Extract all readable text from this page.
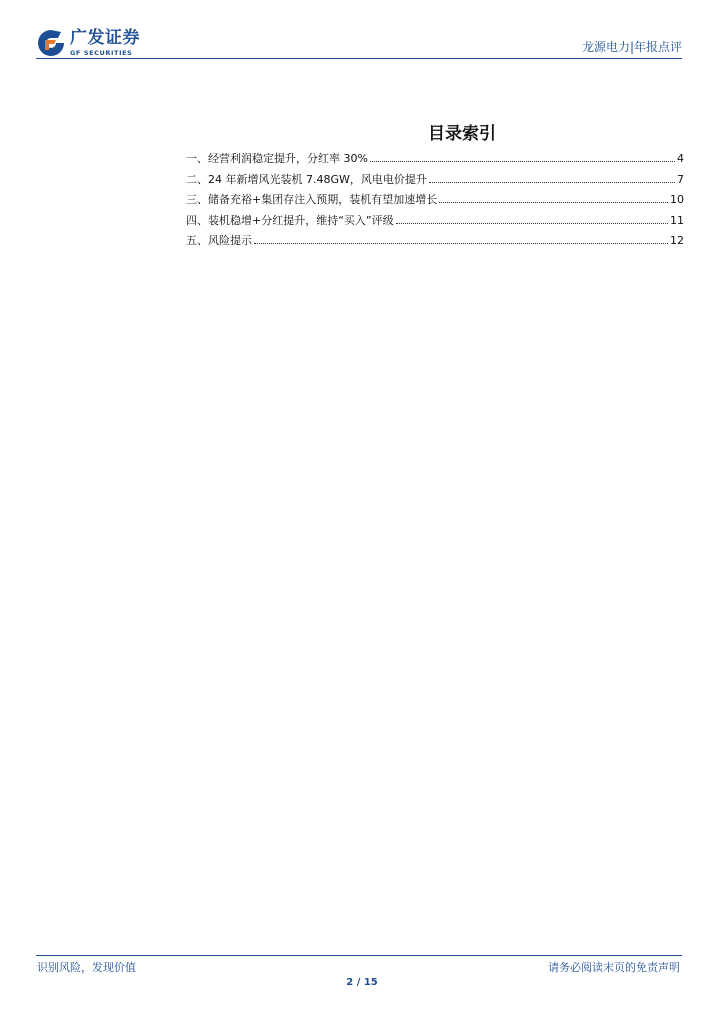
广发证券
GF SECURITIES	龙源电力|年报点评
目录索引
一、经营利润稳定提升，分红率 30%	4
二、24 年新增风光装机 7.48GW，风电电价提升	7
三、储备充裕+集团存注入预期，装机有望加速增长	10
四、装机稳增+分红提升，维持“买入”评级	11
五、风险提示	12
识别风险，发现价值	请务必阅读末页的免责声明
2 / 15
